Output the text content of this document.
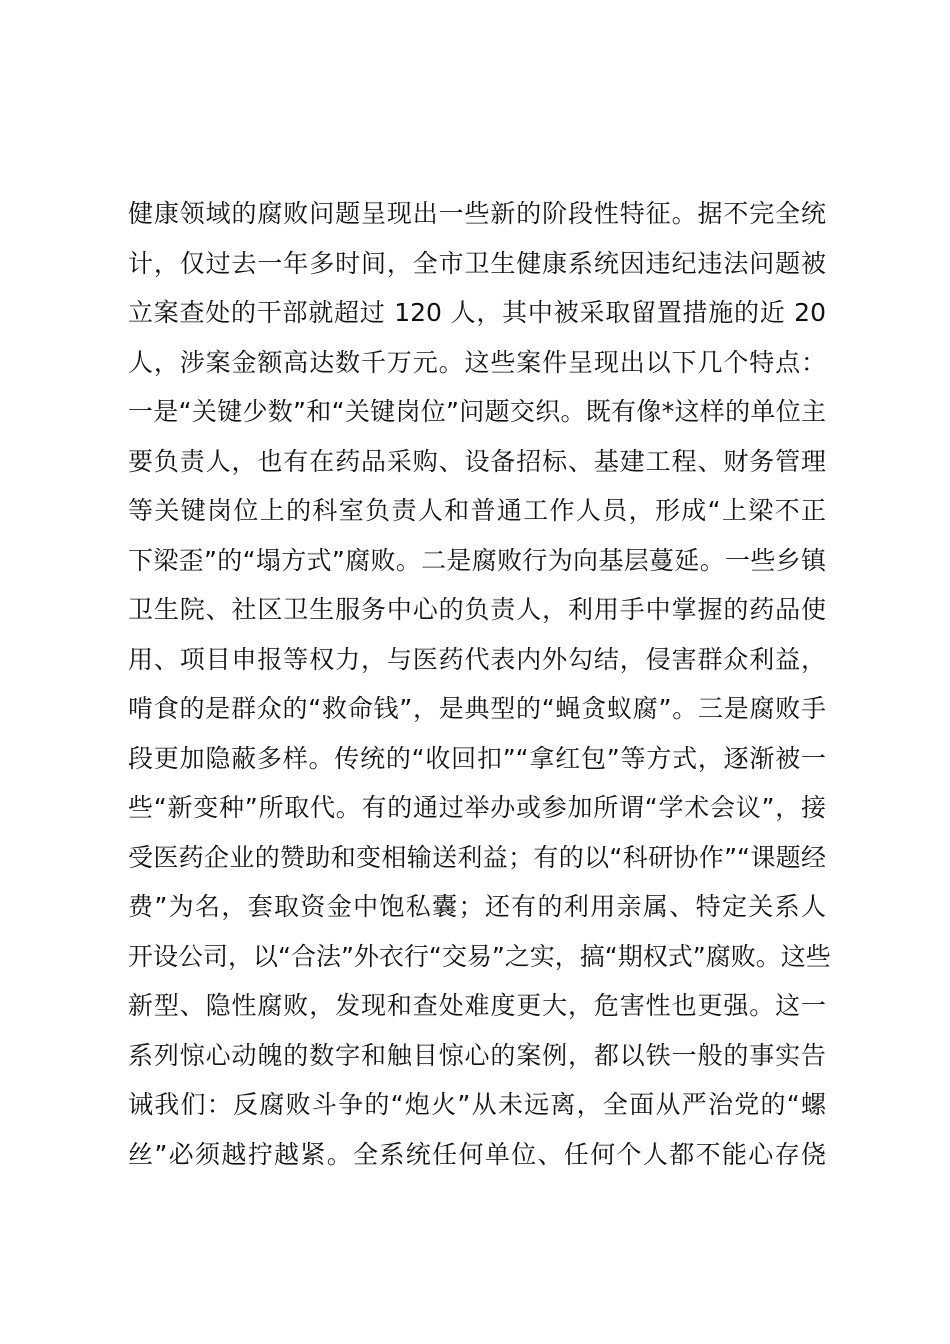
健康领域的腐败问题呈现出一些新的阶段性特征。据不完全统
计，仅过去一年多时间，全市卫生健康系统因违纪违法问题被
立案查处的干部就超过 120 人，其中被采取留置措施的近 20
人，涉案金额高达数千万元。这些案件呈现出以下几个特点：
一是“关键少数”和“关键岗位”问题交织。既有像*这样的单位主
要负责人，也有在药品采购、设备招标、基建工程、财务管理
等关键岗位上的科室负责人和普通工作人员，形成“上梁不正
下梁歪”的“塌方式”腐败。二是腐败行为向基层蔓延。一些乡镇
卫生院、社区卫生服务中心的负责人，利用手中掌握的药品使
用、项目申报等权力，与医药代表内外勾结，侵害群众利益，
啃食的是群众的“救命钱”，是典型的“蝇贪蚁腐”。三是腐败手
段更加隐蔽多样。传统的“收回扣”“拿红包”等方式，逐渐被一
些“新变种”所取代。有的通过举办或参加所谓“学术会议”，接
受医药企业的赞助和变相输送利益；有的以“科研协作”“课题经
费”为名，套取资金中饱私囊；还有的利用亲属、特定关系人
开设公司，以“合法”外衣行“交易”之实，搞“期权式”腐败。这些
新型、隐性腐败，发现和查处难度更大，危害性也更强。这一
系列惊心动魄的数字和触目惊心的案例，都以铁一般的事实告
诫我们：反腐败斗争的“炮火”从未远离，全面从严治党的“螺
丝”必须越拧越紧。全系统任何单位、任何个人都不能心存侥
